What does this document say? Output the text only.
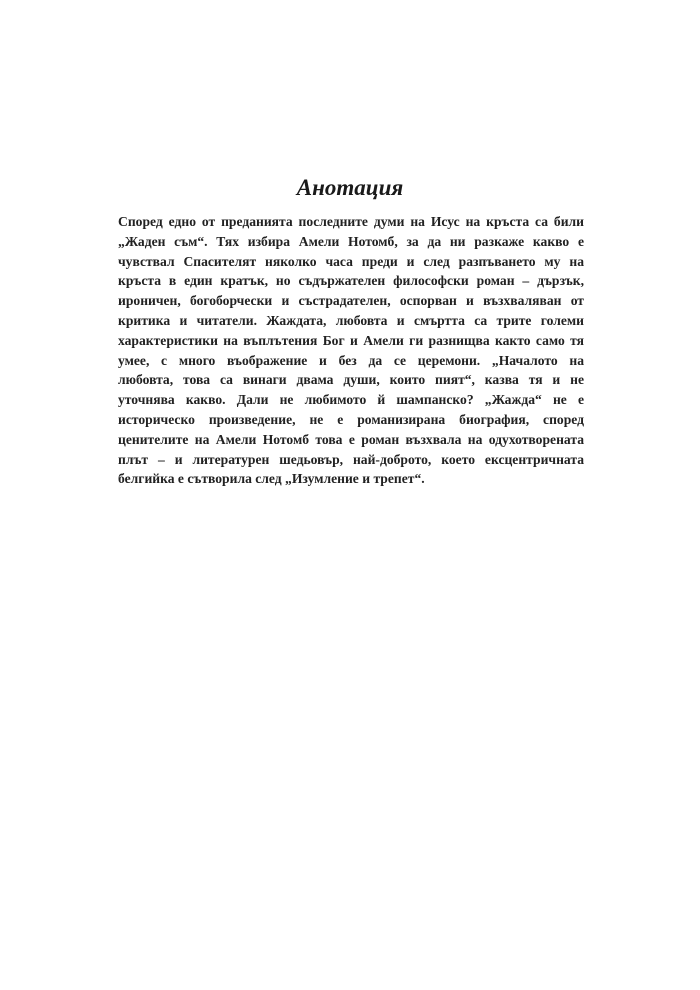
Анотация
Според едно от преданията последните думи на Исус на кръста са били
„Жаден съм“. Тях избира Амели Нотомб, за да ни разкаже какво е
чувствал Спасителят няколко часа преди и след разпъването му на
кръста в един кратък, но съдържателен философски роман – дързък,
ироничен, богоборчески и състрадателен, оспорван и възхваляван от
критика и читатели. Жаждата, любовта и смъртта са трите големи
характеристики на въплътения Бог и Амели ги разнищва както само тя
умее, с много въображение и без да се церемони. „Началото на
любовта, това са винаги двама души, които пият“, казва тя и не
уточнява какво. Дали не любимото й шампанско? „Жажда“ не е
историческо произведение, не е романизирана биография, според
ценителите на Амели Нотомб това е роман възхвала на одухотворената
плът – и литературен шедьовър, най-доброто, което ексцентричната
белгийка е сътворила след „Изумление и трепет“.
